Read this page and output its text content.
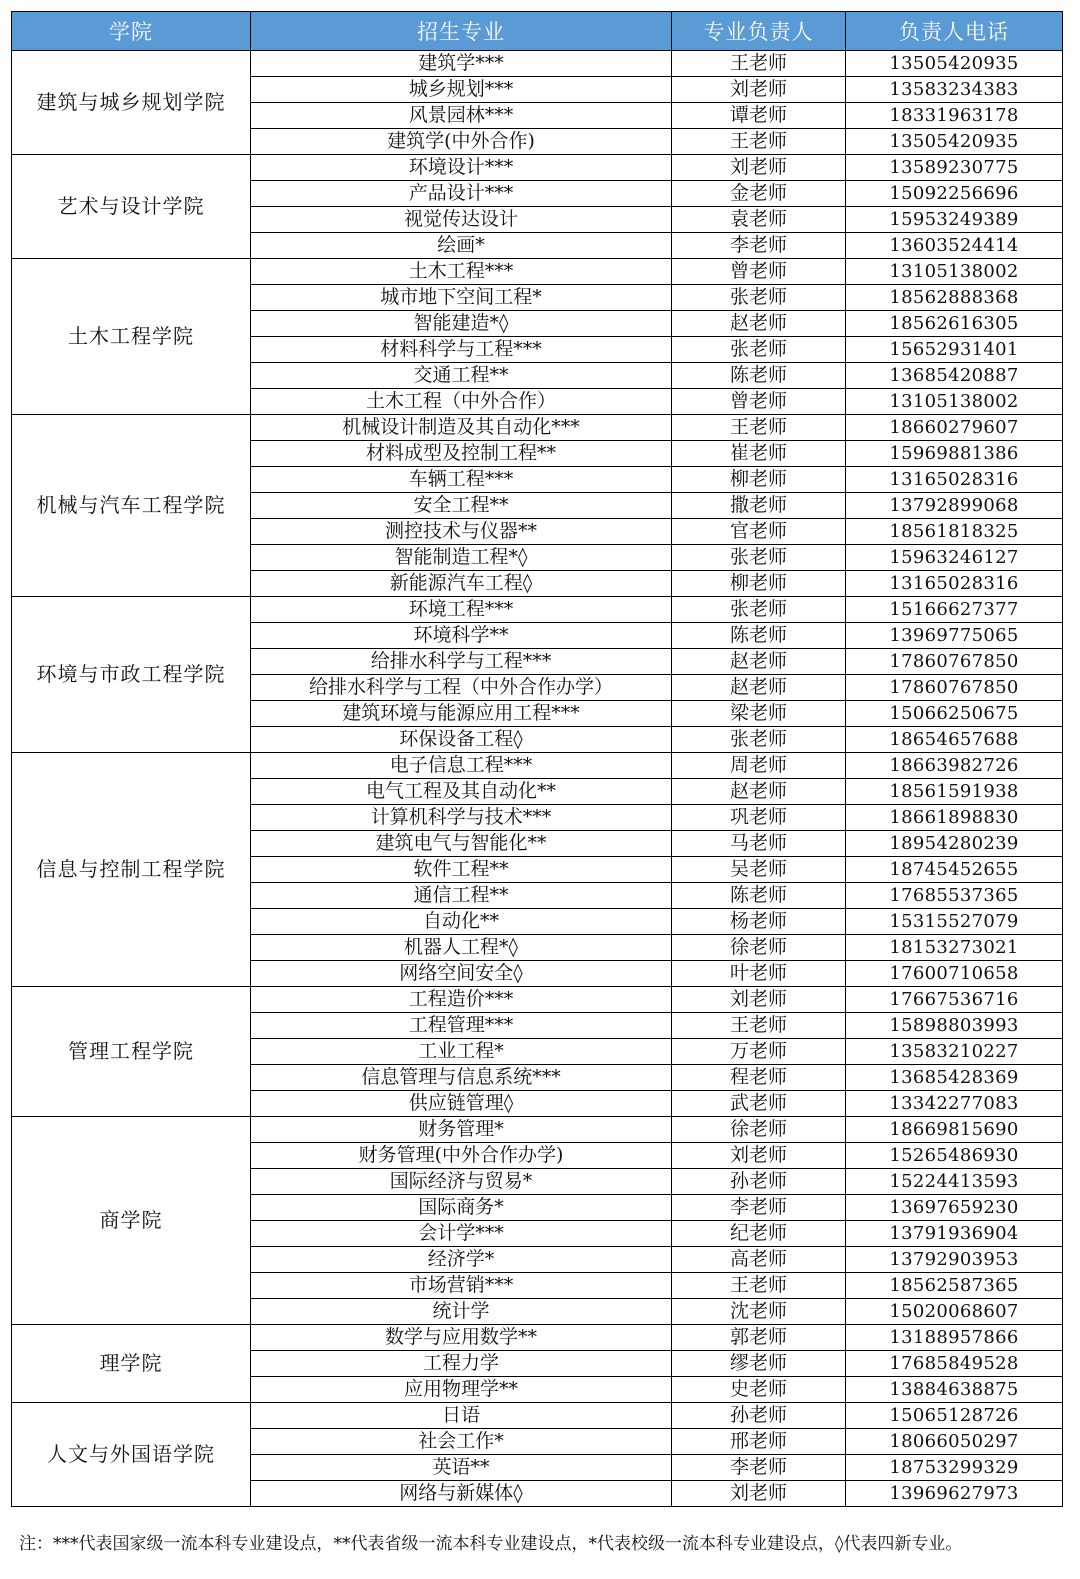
学院	招生专业	专业负责人	负责人电话
建筑与城乡规划学院	建筑学***	王老师	13505420935
	城乡规划***	刘老师	13583234383
	风景园林***	谭老师	18331963178
	建筑学(中外合作)	王老师	13505420935
艺术与设计学院	环境设计***	刘老师	13589230775
	产品设计***	金老师	15092256696
	视觉传达设计	袁老师	15953249389
	绘画*	李老师	13603524414
土木工程学院	土木工程***	曾老师	13105138002
	城市地下空间工程*	张老师	18562888368
	智能建造*◊	赵老师	18562616305
	材料科学与工程***	张老师	15652931401
	交通工程**	陈老师	13685420887
	土木工程（中外合作）	曾老师	13105138002
机械与汽车工程学院	机械设计制造及其自动化***	王老师	18660279607
	材料成型及控制工程**	崔老师	15969881386
	车辆工程***	柳老师	13165028316
	安全工程**	撒老师	13792899068
	测控技术与仪器**	官老师	18561818325
	智能制造工程*◊	张老师	15963246127
	新能源汽车工程◊	柳老师	13165028316
环境与市政工程学院	环境工程***	张老师	15166627377
	环境科学**	陈老师	13969775065
	给排水科学与工程***	赵老师	17860767850
	给排水科学与工程（中外合作办学）	赵老师	17860767850
	建筑环境与能源应用工程***	梁老师	15066250675
	环保设备工程◊	张老师	18654657688
信息与控制工程学院	电子信息工程***	周老师	18663982726
	电气工程及其自动化**	赵老师	18561591938
	计算机科学与技术***	巩老师	18661898830
	建筑电气与智能化**	马老师	18954280239
	软件工程**	吴老师	18745452655
	通信工程**	陈老师	17685537365
	自动化**	杨老师	15315527079
	机器人工程*◊	徐老师	18153273021
	网络空间安全◊	叶老师	17600710658
管理工程学院	工程造价***	刘老师	17667536716
	工程管理***	王老师	15898803993
	工业工程*	万老师	13583210227
	信息管理与信息系统***	程老师	13685428369
	供应链管理◊	武老师	13342277083
商学院	财务管理*	徐老师	18669815690
	财务管理(中外合作办学)	刘老师	15265486930
	国际经济与贸易*	孙老师	15224413593
	国际商务*	李老师	13697659230
	会计学***	纪老师	13791936904
	经济学*	高老师	13792903953
	市场营销***	王老师	18562587365
	统计学	沈老师	15020068607
理学院	数学与应用数学**	郭老师	13188957866
	工程力学	缪老师	17685849528
	应用物理学**	史老师	13884638875
人文与外国语学院	日语	孙老师	15065128726
	社会工作*	邢老师	18066050297
	英语**	李老师	18753299329
	网络与新媒体◊	刘老师	13969627973
注：***代表国家级一流本科专业建设点，**代表省级一流本科专业建设点，*代表校级一流本科专业建设点，◊代表四新专业。
